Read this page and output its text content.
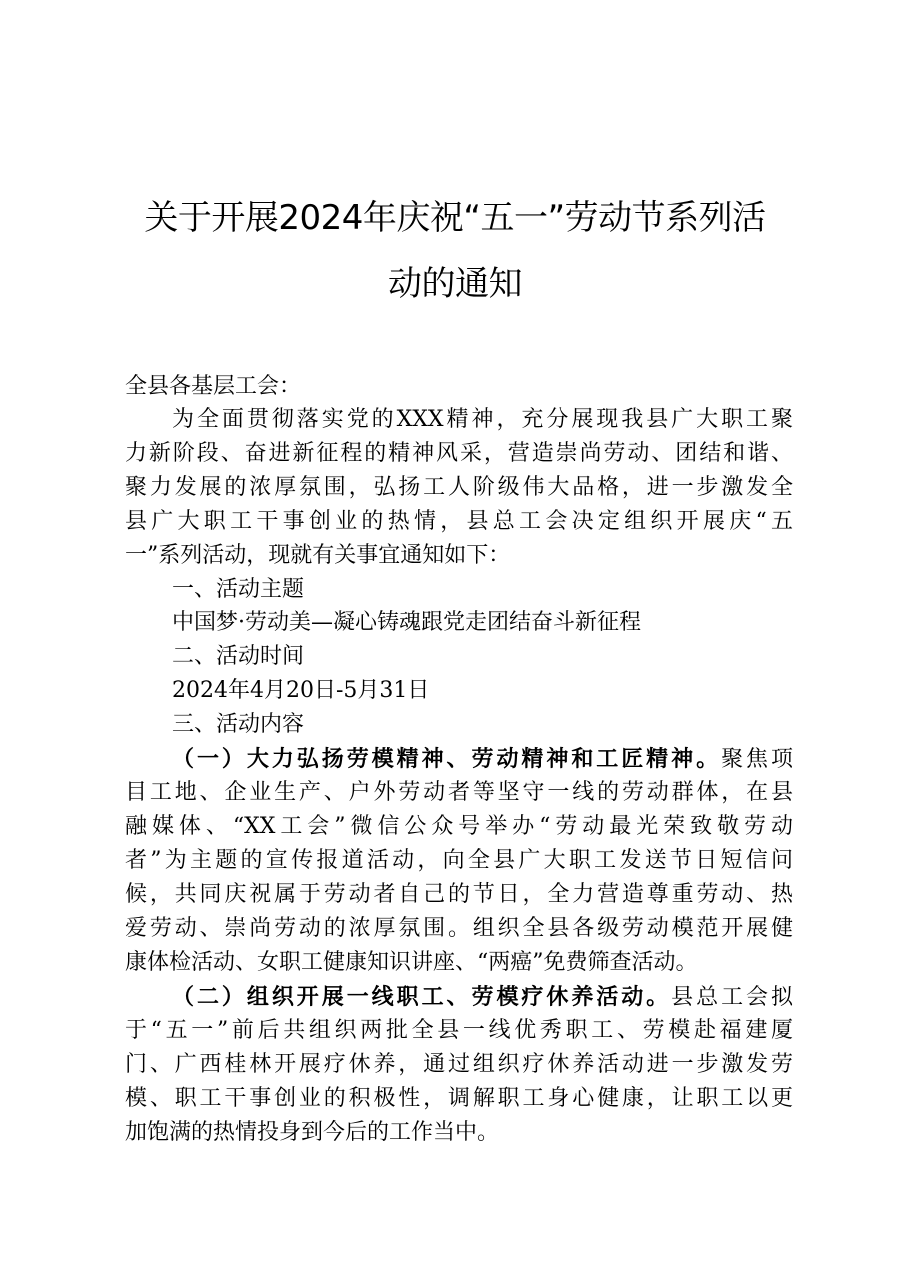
关于开展2024年庆祝“五一”劳动节系列活
动的通知
全县各基层工会：
为全面贯彻落实党的XXX精神，充分展现我县广大职工聚
力新阶段、奋进新征程的精神风采，营造崇尚劳动、团结和谐、
聚力发展的浓厚氛围，弘扬工人阶级伟大品格，进一步激发全
县广大职工干事创业的热情，县总工会决定组织开展庆“五
一”系列活动，现就有关事宜通知如下：
一、活动主题
中国梦·劳动美—凝心铸魂跟党走团结奋斗新征程
二、活动时间
2024年4月20日-5月31日
三、活动内容
（一）大力弘扬劳模精神、劳动精神和工匠精神。聚焦项
目工地、企业生产、户外劳动者等坚守一线的劳动群体，在县
融媒体、“XX工会”微信公众号举办“劳动最光荣致敬劳动
者”为主题的宣传报道活动，向全县广大职工发送节日短信问
候，共同庆祝属于劳动者自己的节日，全力营造尊重劳动、热
爱劳动、崇尚劳动的浓厚氛围。组织全县各级劳动模范开展健
康体检活动、女职工健康知识讲座、“两癌”免费筛查活动。
（二）组织开展一线职工、劳模疗休养活动。县总工会拟
于“五一”前后共组织两批全县一线优秀职工、劳模赴福建厦
门、广西桂林开展疗休养，通过组织疗休养活动进一步激发劳
模、职工干事创业的积极性，调解职工身心健康，让职工以更
加饱满的热情投身到今后的工作当中。
